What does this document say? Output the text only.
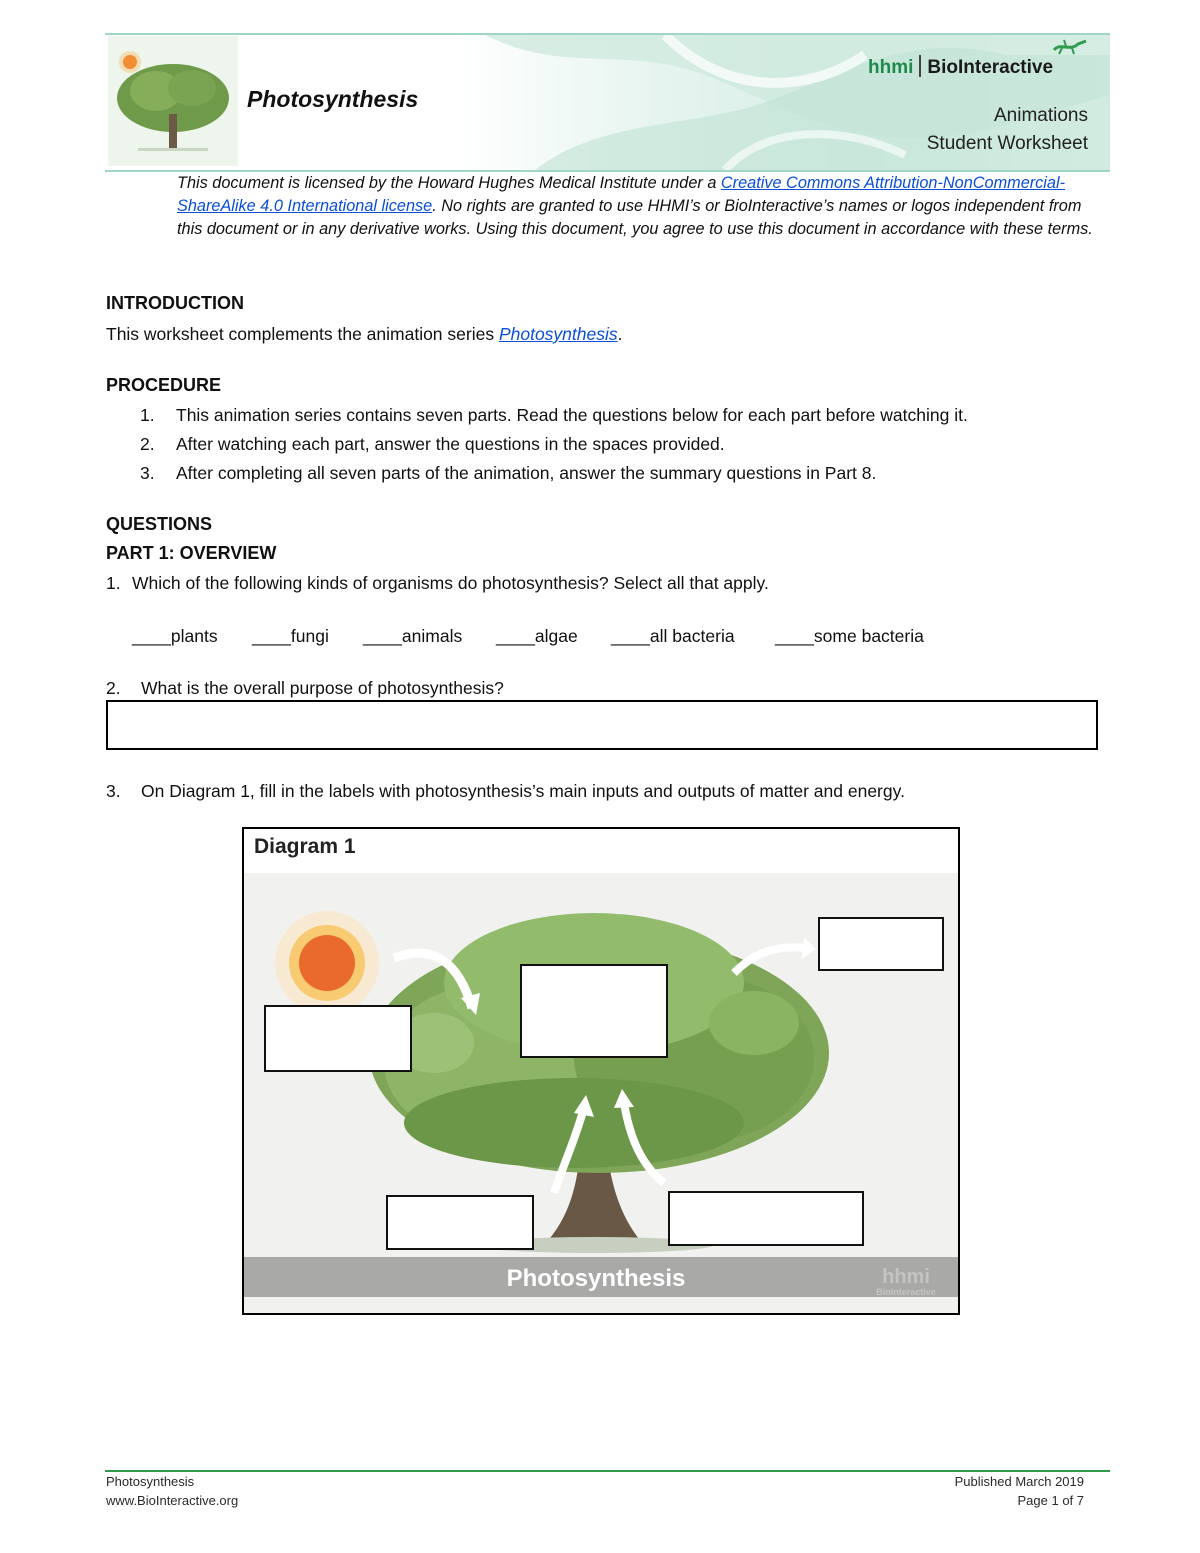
Photosynthesis
hhmi BioInteractive
Animations
Student Worksheet
This document is licensed by the Howard Hughes Medical Institute under a Creative Commons Attribution-NonCommercial-ShareAlike 4.0 International license. No rights are granted to use HHMI’s or BioInteractive’s names or logos independent from this document or in any derivative works. Using this document, you agree to use this document in accordance with these terms.
INTRODUCTION
This worksheet complements the animation series Photosynthesis.
PROCEDURE
1. This animation series contains seven parts. Read the questions below for each part before watching it.
2. After watching each part, answer the questions in the spaces provided.
3. After completing all seven parts of the animation, answer the summary questions in Part 8.
QUESTIONS
PART 1: OVERVIEW
1. Which of the following kinds of organisms do photosynthesis? Select all that apply.
____plants ____fungi ____animals ____algae ____all bacteria ____some bacteria
2. What is the overall purpose of photosynthesis?
3. On Diagram 1, fill in the labels with photosynthesis’s main inputs and outputs of matter and energy.
Diagram 1
Photosynthesis	hhmi
BioInteractive
Photosynthesis
www.BioInteractive.org
Published March 2019
Page 1 of 7
